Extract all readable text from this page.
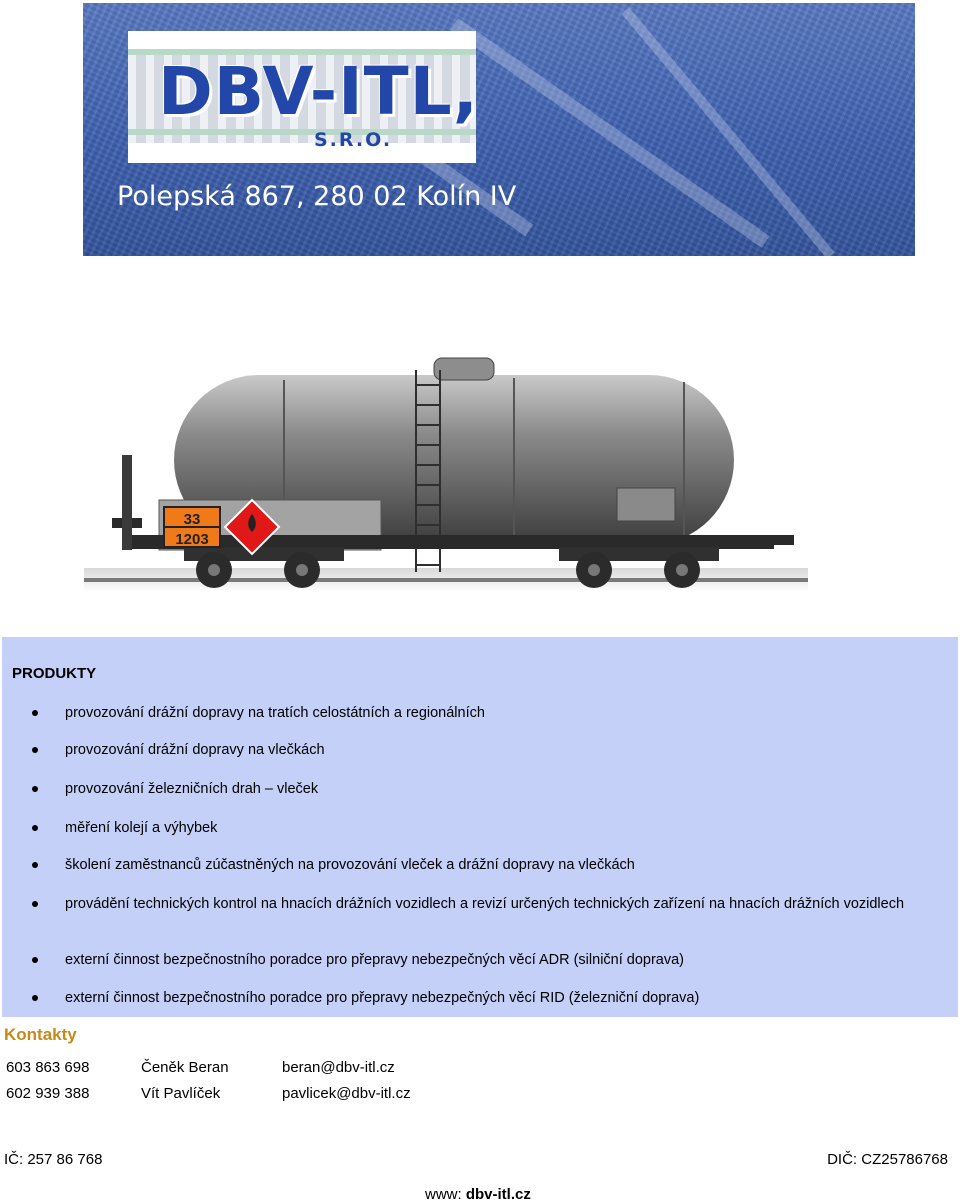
DBV-ITL,
S.R.O.
Polepská 867, 280 02 Kolín IV
33
1203
PRODUKTY
provozování drážní dopravy na tratích celostátních a regionálních
provozování drážní dopravy na vlečkách
provozování železničních drah – vleček
měření kolejí a výhybek
školení zaměstnanců zúčastněných na provozování vleček a drážní dopravy na vlečkách
provádění technických kontrol na hnacích drážních vozidlech a revizí určených technických zařízení na hnacích drážních vozidlech
externí činnost bezpečnostního poradce pro přepravy nebezpečných věcí ADR (silniční doprava)
externí činnost bezpečnostního poradce pro přepravy nebezpečných věcí RID (železniční doprava)
Kontakty
603 863 698	Čeněk Beran	beran@dbv-itl.cz
602 939 388	Vít Pavlíček	pavlicek@dbv-itl.cz
IČ: 257 86 768	DIČ: CZ25786768
www: dbv-itl.cz
